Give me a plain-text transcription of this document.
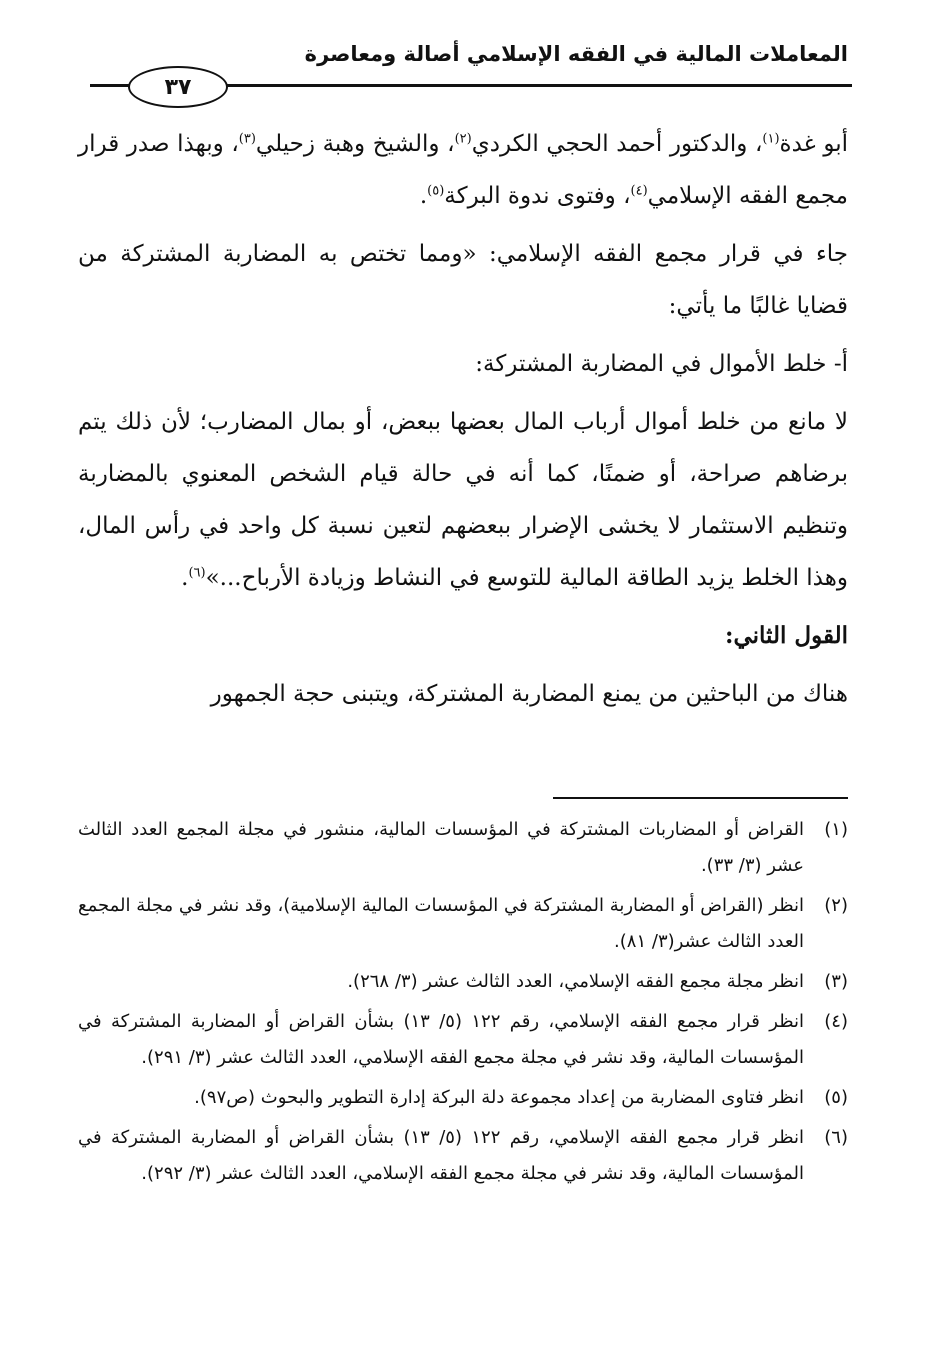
المعاملات المالية في الفقه الإسلامي أصالة ومعاصرة
٣٧

أبو غدة$^{(١)}$، والدكتور أحمد الحجي الكردي$^{(٢)}$، والشيخ وهبة زحيلي$^{(٣)}$، وبهذا صدر قرار مجمع الفقه الإسلامي$^{(٤)}$، وفتوى ندوة البركة$^{(٥)}$.

جاء في قرار مجمع الفقه الإسلامي: «ومما تختص به المضاربة المشتركة من قضايا غالبًا ما يأتي:

أ- خلط الأموال في المضاربة المشتركة:

لا مانع من خلط أموال أرباب المال بعضها ببعض، أو بمال المضارب؛ لأن ذلك يتم برضاهم صراحة، أو ضمنًا، كما أنه في حالة قيام الشخص المعنوي بالمضاربة وتنظيم الاستثمار لا يخشى الإضرار ببعضهم لتعين نسبة كل واحد في رأس المال، وهذا الخلط يزيد الطاقة المالية للتوسع في النشاط وزيادة الأرباح...»$^{(٦)}$.

القول الثاني:

هناك من الباحثين من يمنع المضاربة المشتركة، ويتبنى حجة الجمهور

(١)
القراض أو المضاربات المشتركة في المؤسسات المالية، منشور في مجلة المجمع العدد الثالث عشر (٣/ ٣٣).
(٢)
انظر (القراض أو المضاربة المشتركة في المؤسسات المالية الإسلامية)، وقد نشر في مجلة المجمع العدد الثالث عشر(٣/ ٨١).
(٣)
انظر مجلة مجمع الفقه الإسلامي، العدد الثالث عشر (٣/ ٢٦٨).
(٤)
انظر قرار مجمع الفقه الإسلامي، رقم ١٢٢ (٥/ ١٣) بشأن القراض أو المضاربة المشتركة في المؤسسات المالية، وقد نشر في مجلة مجمع الفقه الإسلامي، العدد الثالث عشر (٣/ ٢٩١).
(٥)
انظر فتاوى المضاربة من إعداد مجموعة دلة البركة إدارة التطوير والبحوث (ص٩٧).
(٦)
انظر قرار مجمع الفقه الإسلامي، رقم ١٢٢ (٥/ ١٣) بشأن القراض أو المضاربة المشتركة في المؤسسات المالية، وقد نشر في مجلة مجمع الفقه الإسلامي، العدد الثالث عشر (٣/ ٢٩٢).
